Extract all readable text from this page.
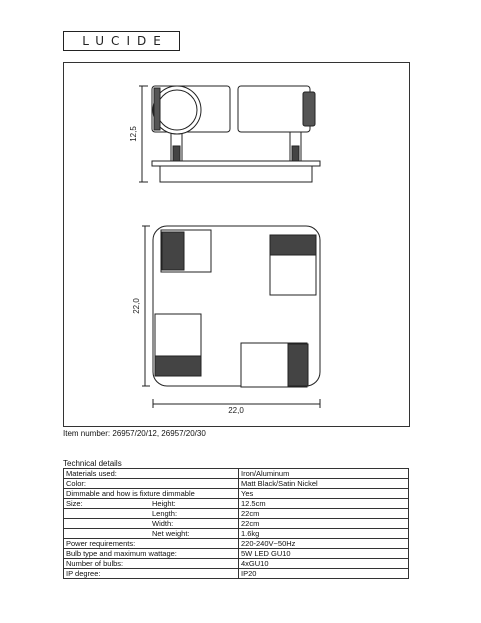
LUCIDE
12,5
22,0
22,0
Item number: 26957/20/12, 26957/20/30
Technical details
Materials used:	Iron/Aluminum
Color:	Matt Black/Satin Nickel
Dimmable and how is fixture dimmable	Yes
Size: Height:	12.5cm
Length:	22cm
Width:	22cm
Net weight:	1.6kg
Power requirements:	220-240V~50Hz
Bulb type and maximum wattage:	5W LED GU10
Number of bulbs:	4xGU10
IP degree:	IP20
